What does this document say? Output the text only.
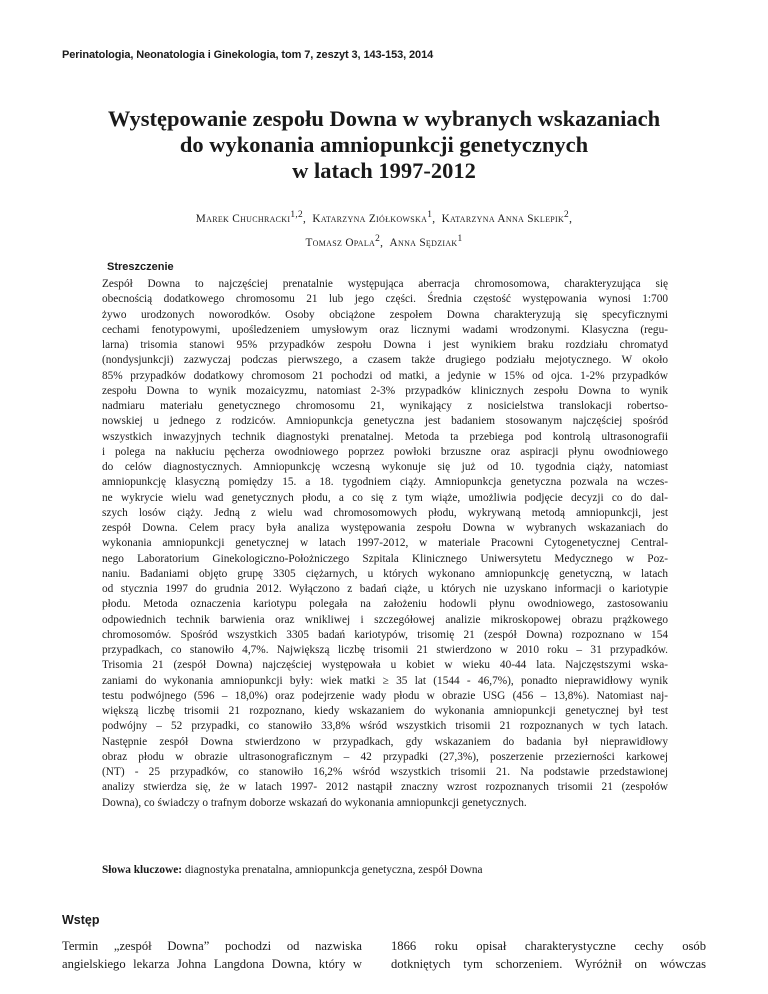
Perinatologia, Neonatologia i Ginekologia, tom 7, zeszyt 3, 143-153, 2014
Występowanie zespołu Downa w wybranych wskazaniach
do wykonania amniopunkcji genetycznych
w latach 1997-2012
Marek Chuchracki$^{1,2}$,  Katarzyna Ziółkowska$^1$,  Katarzyna Anna Sklepik$^2$,
Tomasz Opala$^2$,  Anna Sędziak$^1$
Streszczenie
Zespół Downa to najczęściej prenatalnie występująca aberracja chromosomowa, charakteryzująca się
obecnością dodatkowego chromosomu 21 lub jego części. Średnia częstość występowania wynosi 1:700
żywo urodzonych noworodków. Osoby obciążone zespołem Downa charakteryzują się specyficznymi
cechami fenotypowymi, upośledzeniem umysłowym oraz licznymi wadami wrodzonymi. Klasyczna (regu-
larna) trisomia stanowi 95% przypadków zespołu Downa i jest wynikiem braku rozdziału chromatyd
(nondysjunkcji) zazwyczaj podczas pierwszego, a czasem także drugiego podziału mejotycznego. W około
85% przypadków dodatkowy chromosom 21 pochodzi od matki, a jedynie w 15% od ojca. 1-2% przypadków
zespołu Downa to wynik mozaicyzmu, natomiast 2-3% przypadków klinicznych zespołu Downa to wynik
nadmiaru materiału genetycznego chromosomu 21, wynikający z nosicielstwa translokacji robertso-
nowskiej u jednego z rodziców. Amniopunkcja genetyczna jest badaniem stosowanym najczęściej spośród
wszystkich inwazyjnych technik diagnostyki prenatalnej. Metoda ta przebiega pod kontrolą ultrasonografii
i polega na nakłuciu pęcherza owodniowego poprzez powłoki brzuszne oraz aspiracji płynu owodniowego
do celów diagnostycznych. Amniopunkcję wczesną wykonuje się już od 10. tygodnia ciąży, natomiast
amniopunkcję klasyczną pomiędzy 15. a 18. tygodniem ciąży. Amniopunkcja genetyczna pozwala na wczes-
ne wykrycie wielu wad genetycznych płodu, a co się z tym wiąże, umożliwia podjęcie decyzji co do dal-
szych losów ciąży. Jedną z wielu wad chromosomowych płodu, wykrywaną metodą amniopunkcji, jest
zespół Downa. Celem pracy była analiza występowania zespołu Downa w wybranych wskazaniach do
wykonania amniopunkcji genetycznej w latach 1997-2012, w materiale Pracowni Cytogenetycznej Central-
nego Laboratorium Ginekologiczno-Położniczego Szpitala Klinicznego Uniwersytetu Medycznego w Poz-
naniu. Badaniami objęto grupę 3305 ciężarnych, u których wykonano amniopunkcję genetyczną, w latach
od stycznia 1997 do grudnia 2012. Wyłączono z badań ciąże, u których nie uzyskano informacji o kariotypie
płodu. Metoda oznaczenia kariotypu polegała na założeniu hodowli płynu owodniowego, zastosowaniu
odpowiednich technik barwienia oraz wnikliwej i szczegółowej analizie mikroskopowej obrazu prążkowego
chromosomów. Spośród wszystkich 3305 badań kariotypów, trisomię 21 (zespół Downa) rozpoznano w 154
przypadkach, co stanowiło 4,7%. Największą liczbę trisomii 21 stwierdzono w 2010 roku – 31 przypadków.
Trisomia 21 (zespół Downa) najczęściej występowała u kobiet w wieku 40-44 lata. Najczęstszymi wska-
zaniami do wykonania amniopunkcji były: wiek matki ≥ 35 lat (1544 - 46,7%), ponadto nieprawidłowy wynik
testu podwójnego (596 – 18,0%) oraz podejrzenie wady płodu w obrazie USG (456 – 13,8%). Natomiast naj-
większą liczbę trisomii 21 rozpoznano, kiedy wskazaniem do wykonania amniopunkcji genetycznej był test
podwójny – 52 przypadki, co stanowiło 33,8% wśród wszystkich trisomii 21 rozpoznanych w tych latach.
Następnie zespół Downa stwierdzono w przypadkach, gdy wskazaniem do badania był nieprawidłowy
obraz płodu w obrazie ultrasonograficznym – 42 przypadki (27,3%), poszerzenie przezierności karkowej
(NT) - 25 przypadków, co stanowiło 16,2% wśród wszystkich trisomii 21. Na podstawie przedstawionej
analizy stwierdza się, że w latach 1997- 2012 nastąpił znaczny wzrost rozpoznanych trisomii 21 (zespołów
Downa), co świadczy o trafnym doborze wskazań do wykonania amniopunkcji genetycznych.
Słowa kluczowe: diagnostyka prenatalna, amniopunkcja genetyczna, zespół Downa
Wstęp
Termin „zespół Downa” pochodzi od nazwiska
angielskiego lekarza Johna Langdona Downa, który w
1866 roku opisał charakterystyczne cechy osób
dotkniętych tym schorzeniem. Wyróżnił on wówczas
